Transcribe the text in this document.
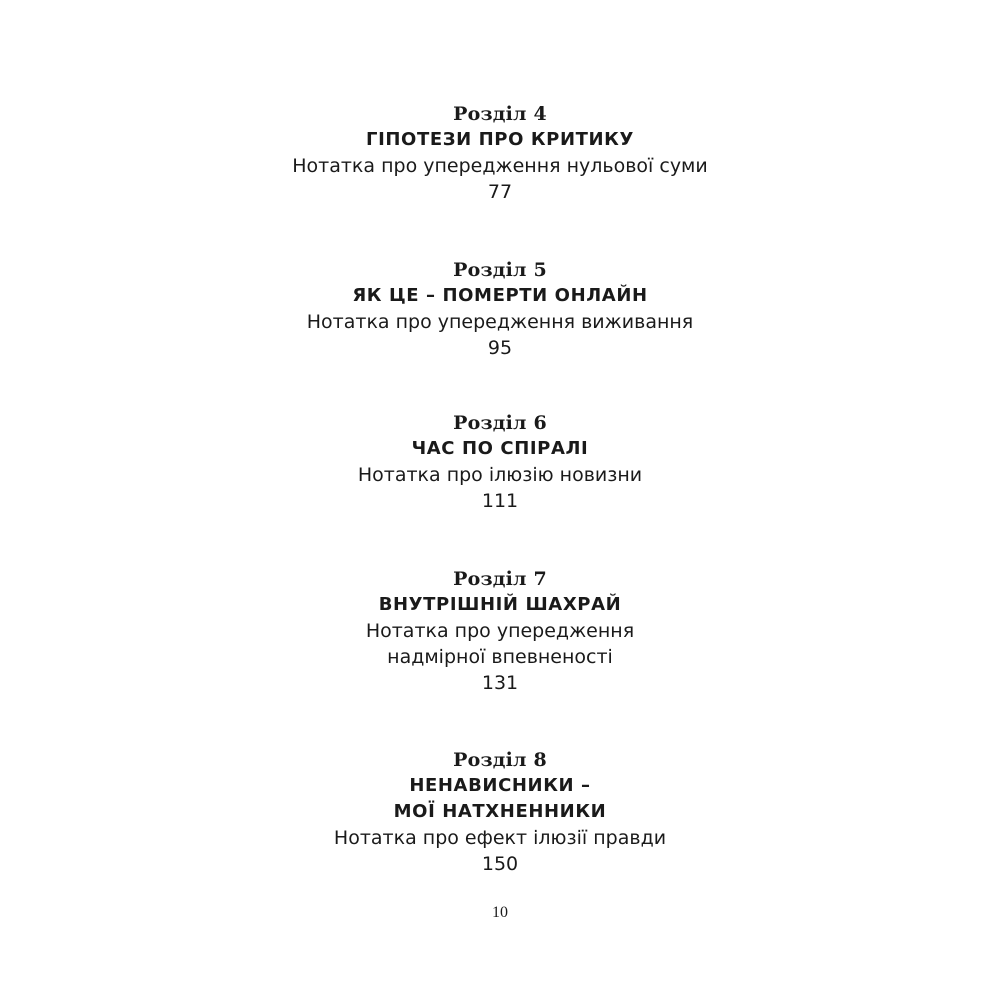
Розділ 4
ГІПОТЕЗИ ПРО КРИТИКУ
Нотатка про упередження нульової суми
77
Розділ 5
ЯК ЦЕ – ПОМЕРТИ ОНЛАЙН
Нотатка про упередження виживання
95
Розділ 6
ЧАС ПО СПІРАЛІ
Нотатка про ілюзію новизни
111
Розділ 7
ВНУТРІШНІЙ ШАХРАЙ
Нотатка про упередження
надмірної впевненості
131
Розділ 8
НЕНАВИСНИКИ –
МОЇ НАТХНЕННИКИ
Нотатка про ефект ілюзії правди
150
10
